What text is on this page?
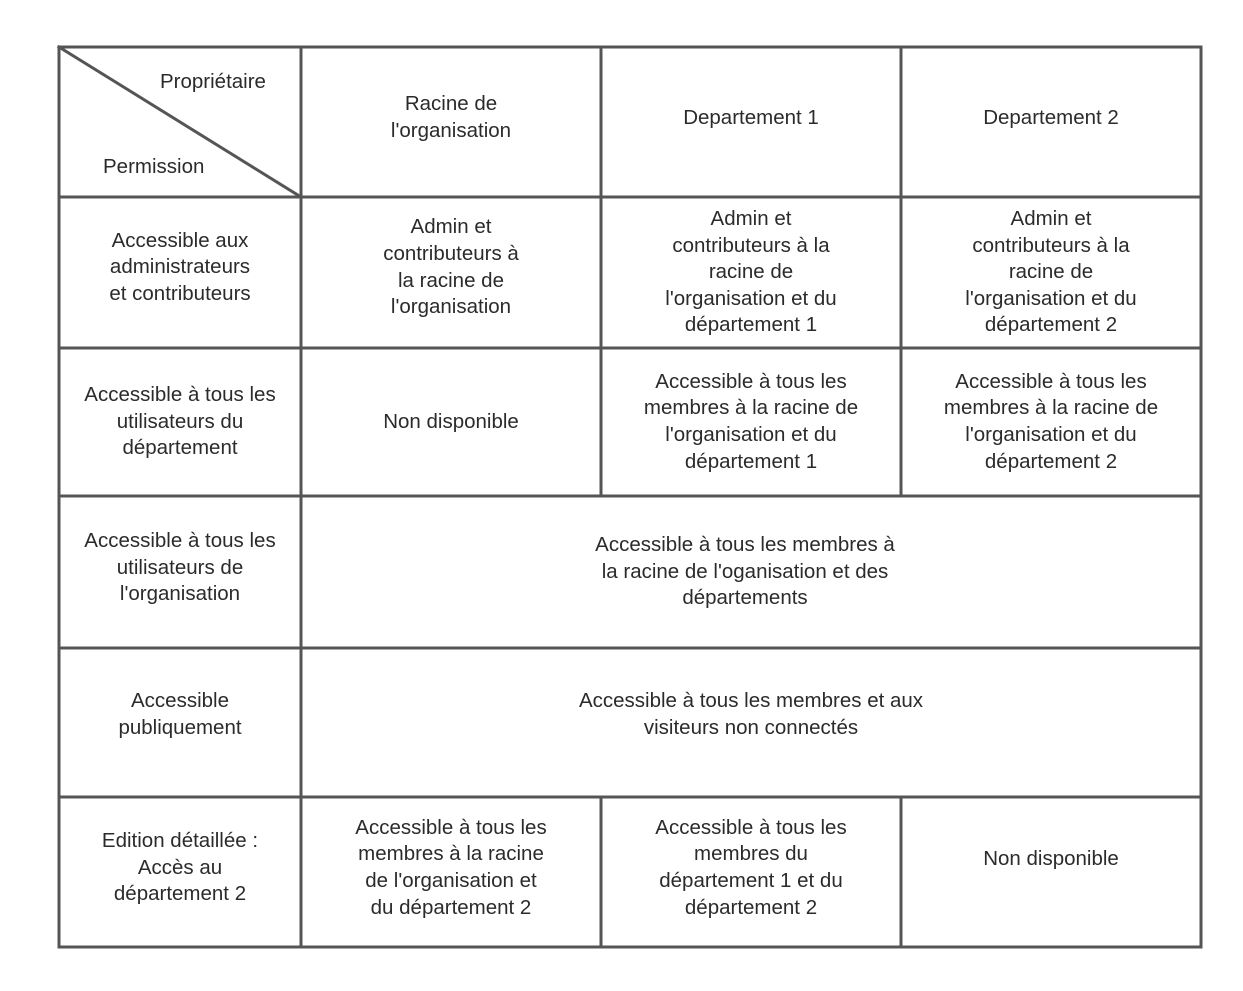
Propriétaire
Permission
Racine de
l'organisation
Departement 1	Departement 2
Accessible aux
administrateurs
et contributeurs
Admin et
contributeurs à
la racine de
l'organisation
Admin et
contributeurs à la
racine de
l'organisation et du
département 1
Admin et
contributeurs à la
racine de
l'organisation et du
département 2
Accessible à tous les
utilisateurs du
département
Non disponible
Accessible à tous les
membres à la racine de
l'organisation et du
département 1
Accessible à tous les
membres à la racine de
l'organisation et du
département 2
Accessible à tous les
utilisateurs de
l'organisation
Accessible à tous les membres à
la racine de l'oganisation et des
départements
Accessible
publiquement
Accessible à tous les membres et aux
visiteurs non connectés
Edition détaillée :
Accès au
département 2
Accessible à tous les
membres à la racine
de l'organisation et
du département 2
Accessible à tous les
membres du
département 1 et du
département 2
Non disponible
